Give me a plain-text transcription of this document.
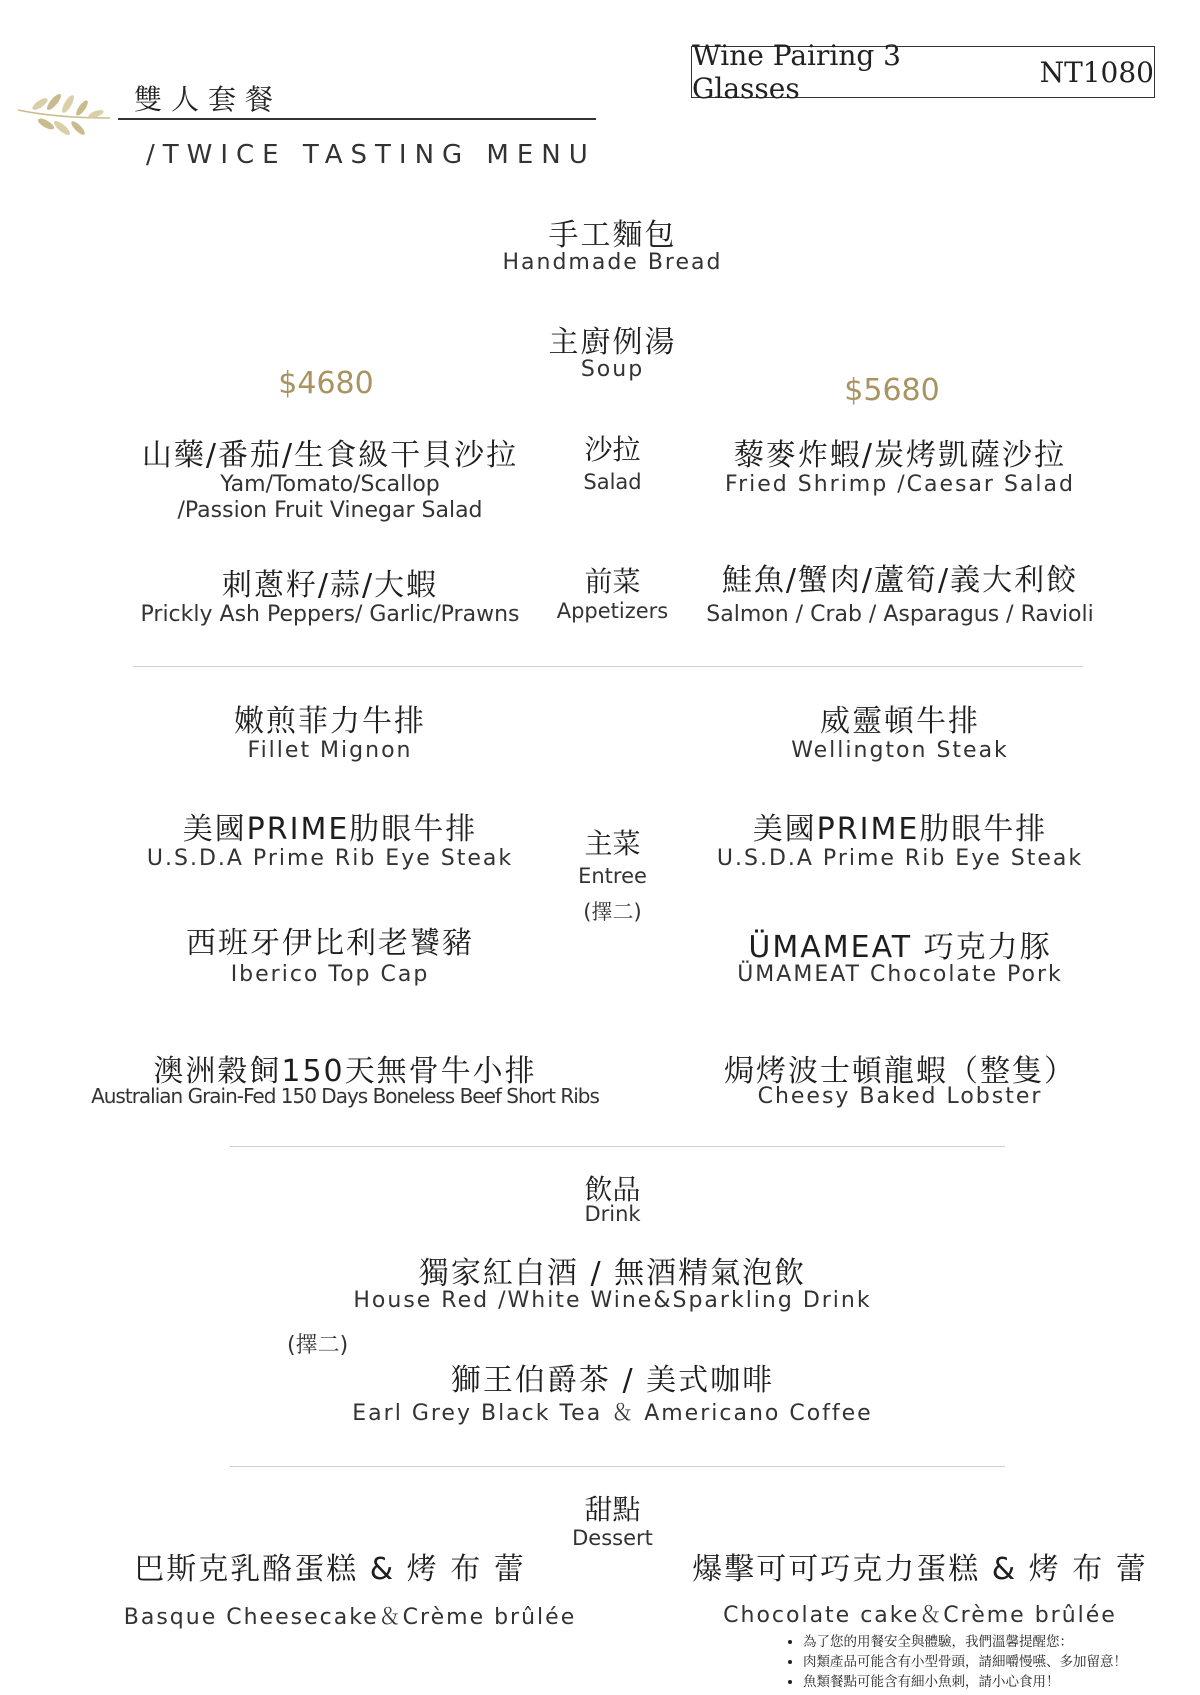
雙人套餐
/TWICE TASTING MENU
Wine Pairing 3 Glasses	NT1080
手工麵包
Handmade Bread
主廚例湯
Soup
$4680	$5680
山藥/番茄/生食級干貝沙拉
Yam/Tomato/Scallop
/Passion Fruit Vinegar Salad
沙拉
Salad
藜麥炸蝦/炭烤凱薩沙拉
Fried Shrimp /Caesar Salad
刺蔥籽/蒜/大蝦
Prickly Ash Peppers/ Garlic/Prawns
前菜
Appetizers
鮭魚/蟹肉/蘆筍/義大利餃
Salmon / Crab / Asparagus / Ravioli
嫩煎菲力牛排
Fillet Mignon
美國PRIME肋眼牛排
U.S.D.A Prime Rib Eye Steak
西班牙伊比利老饕豬
Iberico Top Cap
澳洲穀飼150天無骨牛小排
Australian Grain-Fed 150 Days Boneless Beef Short Ribs
主菜
Entree
(擇二)
威靈頓牛排
Wellington Steak
美國PRIME肋眼牛排
U.S.D.A Prime Rib Eye Steak
ÜMAMEAT 巧克力豚
ÜMAMEAT Chocolate Pork
焗烤波士頓龍蝦（整隻）
Cheesy Baked Lobster
飲品
Drink
獨家紅白酒 / 無酒精氣泡飲
House Red /White Wine&Sparkling Drink
(擇二)
獅王伯爵茶 / 美式咖啡
Earl Grey Black Tea ＆ Americano Coffee
甜點
Dessert
巴斯克乳酪蛋糕 & 烤 布 蕾
Basque Cheesecake＆Crème brûlée
爆擊可可巧克力蛋糕 & 烤 布 蕾
Chocolate cake＆Crème brûlée
• 為了您的用餐安全與體驗，我們溫馨提醒您：
• 肉類產品可能含有小型骨頭，請細嚼慢嚥、多加留意！
• 魚類餐點可能含有細小魚刺，請小心食用！
